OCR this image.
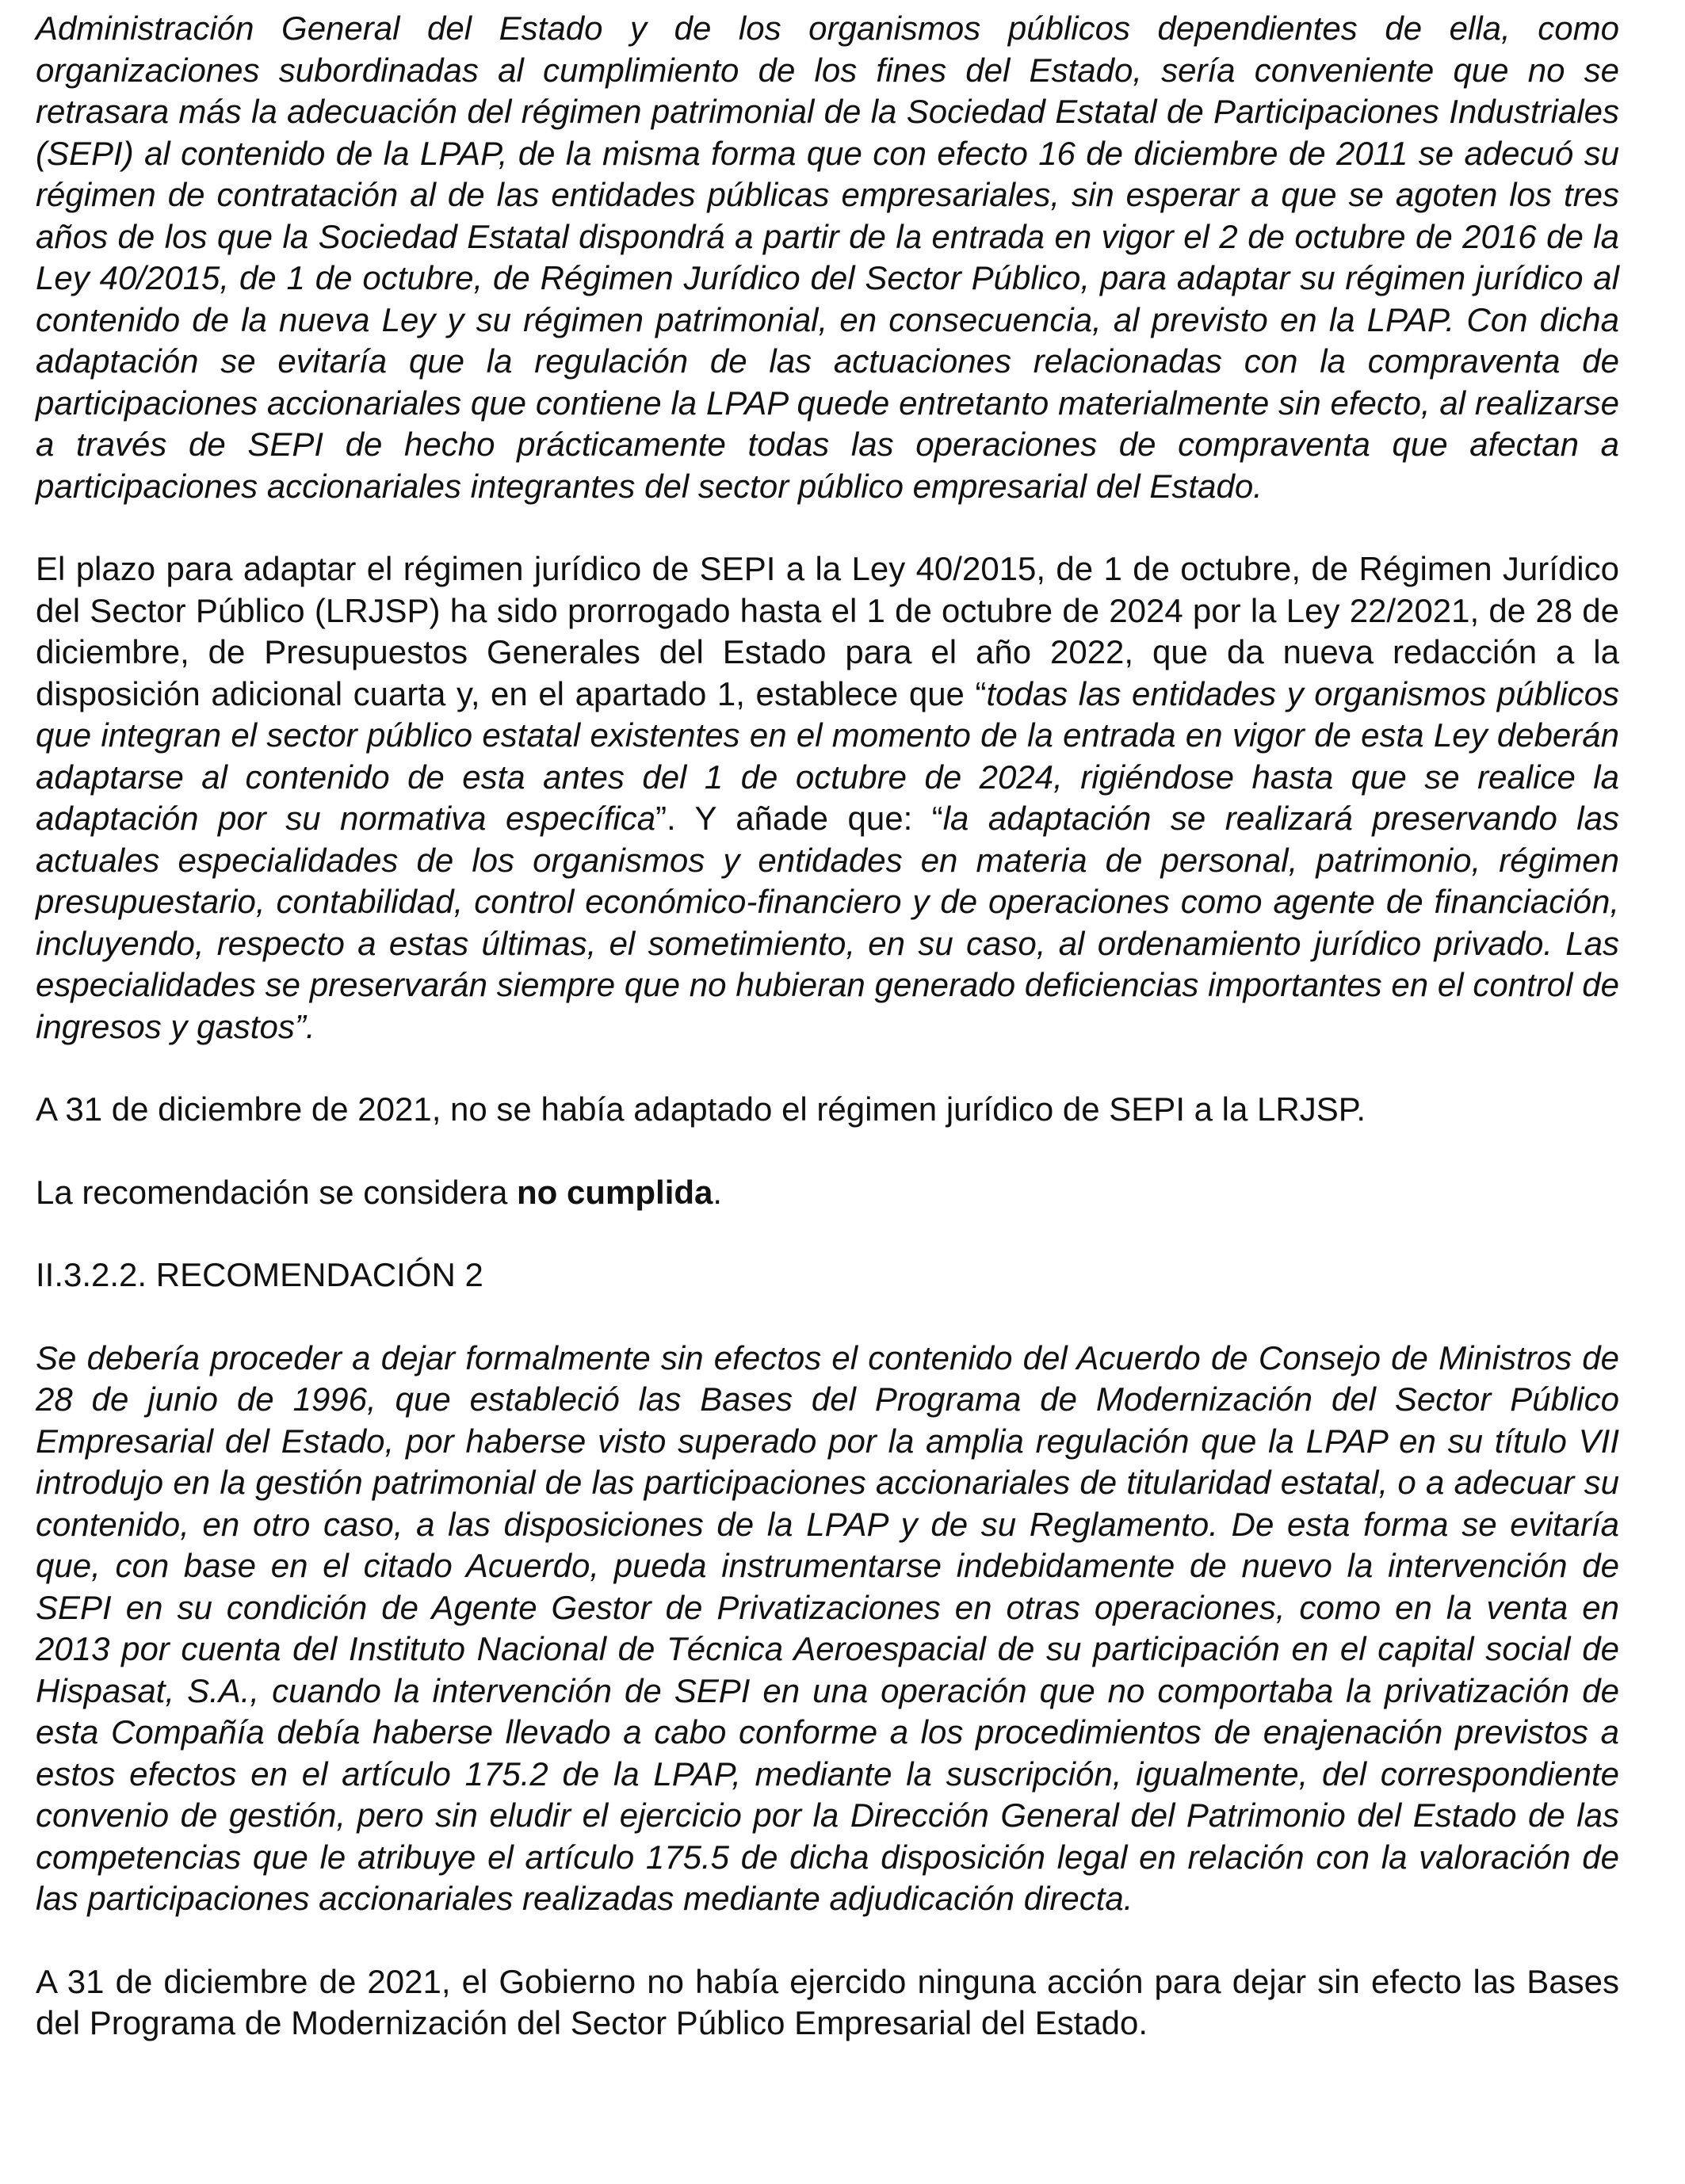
Administración General del Estado y de los organismos públicos dependientes de ella, como organizaciones subordinadas al cumplimiento de los fines del Estado, sería conveniente que no se retrasara más la adecuación del régimen patrimonial de la Sociedad Estatal de Participaciones Industriales (SEPI) al contenido de la LPAP, de la misma forma que con efecto 16 de diciembre de 2011 se adecuó su régimen de contratación al de las entidades públicas empresariales, sin esperar a que se agoten los tres años de los que la Sociedad Estatal dispondrá a partir de la entrada en vigor el 2 de octubre de 2016 de la Ley 40/2015, de 1 de octubre, de Régimen Jurídico del Sector Público, para adaptar su régimen jurídico al contenido de la nueva Ley y su régimen patrimonial, en consecuencia, al previsto en la LPAP. Con dicha adaptación se evitaría que la regulación de las actuaciones relacionadas con la compraventa de participaciones accionariales que contiene la LPAP quede entretanto materialmente sin efecto, al realizarse a través de SEPI de hecho prácticamente todas las operaciones de compraventa que afectan a participaciones accionariales integrantes del sector público empresarial del Estado.

El plazo para adaptar el régimen jurídico de SEPI a la Ley 40/2015, de 1 de octubre, de Régimen Jurídico del Sector Público (LRJSP) ha sido prorrogado hasta el 1 de octubre de 2024 por la Ley 22/2021, de 28 de diciembre, de Presupuestos Generales del Estado para el año 2022, que da nueva redacción a la disposición adicional cuarta y, en el apartado 1, establece que “todas las entidades y organismos públicos que integran el sector público estatal existentes en el momento de la entrada en vigor de esta Ley deberán adaptarse al contenido de esta antes del 1 de octubre de 2024, rigiéndose hasta que se realice la adaptación por su normativa específica”. Y añade que: “la adaptación se realizará preservando las actuales especialidades de los organismos y entidades en materia de personal, patrimonio, régimen presupuestario, contabilidad, control económico-financiero y de operaciones como agente de financiación, incluyendo, respecto a estas últimas, el sometimiento, en su caso, al ordenamiento jurídico privado. Las especialidades se preservarán siempre que no hubieran generado deficiencias importantes en el control de ingresos y gastos”.

A 31 de diciembre de 2021, no se había adaptado el régimen jurídico de SEPI a la LRJSP.

La recomendación se considera no cumplida.

II.3.2.2. RECOMENDACIÓN 2

Se debería proceder a dejar formalmente sin efectos el contenido del Acuerdo de Consejo de Ministros de 28 de junio de 1996, que estableció las Bases del Programa de Modernización del Sector Público Empresarial del Estado, por haberse visto superado por la amplia regulación que la LPAP en su título VII introdujo en la gestión patrimonial de las participaciones accionariales de titularidad estatal, o a adecuar su contenido, en otro caso, a las disposiciones de la LPAP y de su Reglamento. De esta forma se evitaría que, con base en el citado Acuerdo, pueda instrumentarse indebidamente de nuevo la intervención de SEPI en su condición de Agente Gestor de Privatizaciones en otras operaciones, como en la venta en 2013 por cuenta del Instituto Nacional de Técnica Aeroespacial de su participación en el capital social de Hispasat, S.A., cuando la intervención de SEPI en una operación que no comportaba la privatización de esta Compañía debía haberse llevado a cabo conforme a los procedimientos de enajenación previstos a estos efectos en el artículo 175.2 de la LPAP, mediante la suscripción, igualmente, del correspondiente convenio de gestión, pero sin eludir el ejercicio por la Dirección General del Patrimonio del Estado de las competencias que le atribuye el artículo 175.5 de dicha disposición legal en relación con la valoración de las participaciones accionariales realizadas mediante adjudicación directa.

A 31 de diciembre de 2021, el Gobierno no había ejercido ninguna acción para dejar sin efecto las Bases del Programa de Modernización del Sector Público Empresarial del Estado.
